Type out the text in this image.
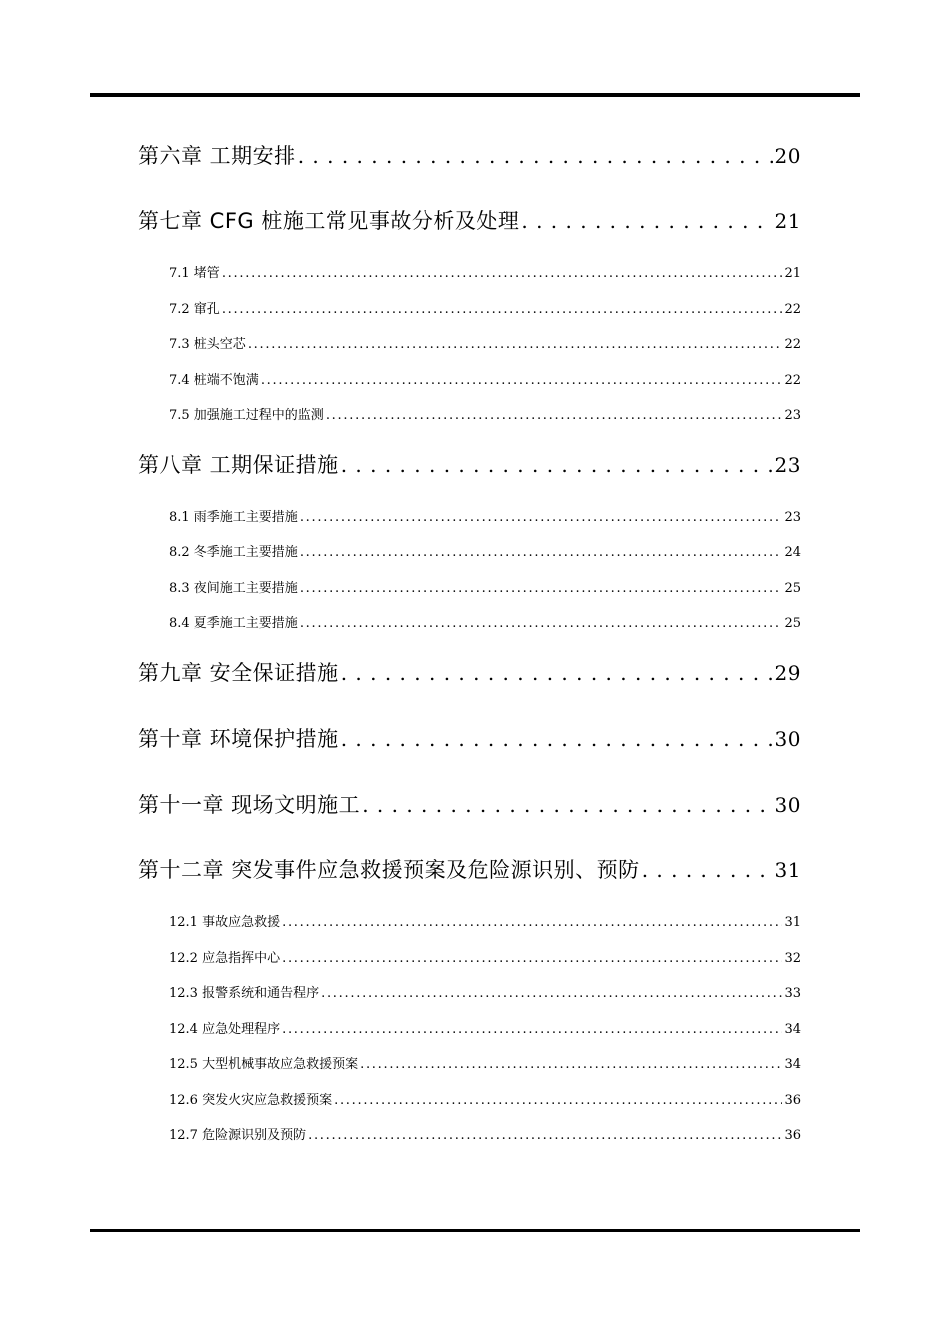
第六章 工期安排 . . .	20
第七章 CFG 桩施工常见事故分析及处理 . . .	21
7.1 堵管 . . .	21
7.2 窜孔 . . .	22
7.3 桩头空芯 . . .	22
7.4 桩端不饱满 . . .	22
7.5 加强施工过程中的监测 . . .	23
第八章 工期保证措施 . . .	23
8.1 雨季施工主要措施 . . .	23
8.2 冬季施工主要措施 . . .	24
8.3 夜间施工主要措施 . . .	25
8.4 夏季施工主要措施 . . .	25
第九章 安全保证措施 . . .	29
第十章 环境保护措施 . . .	30
第十一章 现场文明施工 . . .	30
第十二章 突发事件应急救援预案及危险源识别、预防 . . .	31
12.1 事故应急救援 . . .	31
12.2 应急指挥中心 . . .	32
12.3 报警系统和通告程序 . . .	33
12.4 应急处理程序 . . .	34
12.5 大型机械事故应急救援预案 . . .	34
12.6 突发火灾应急救援预案 . . .	36
12.7 危险源识别及预防 . . .	36
